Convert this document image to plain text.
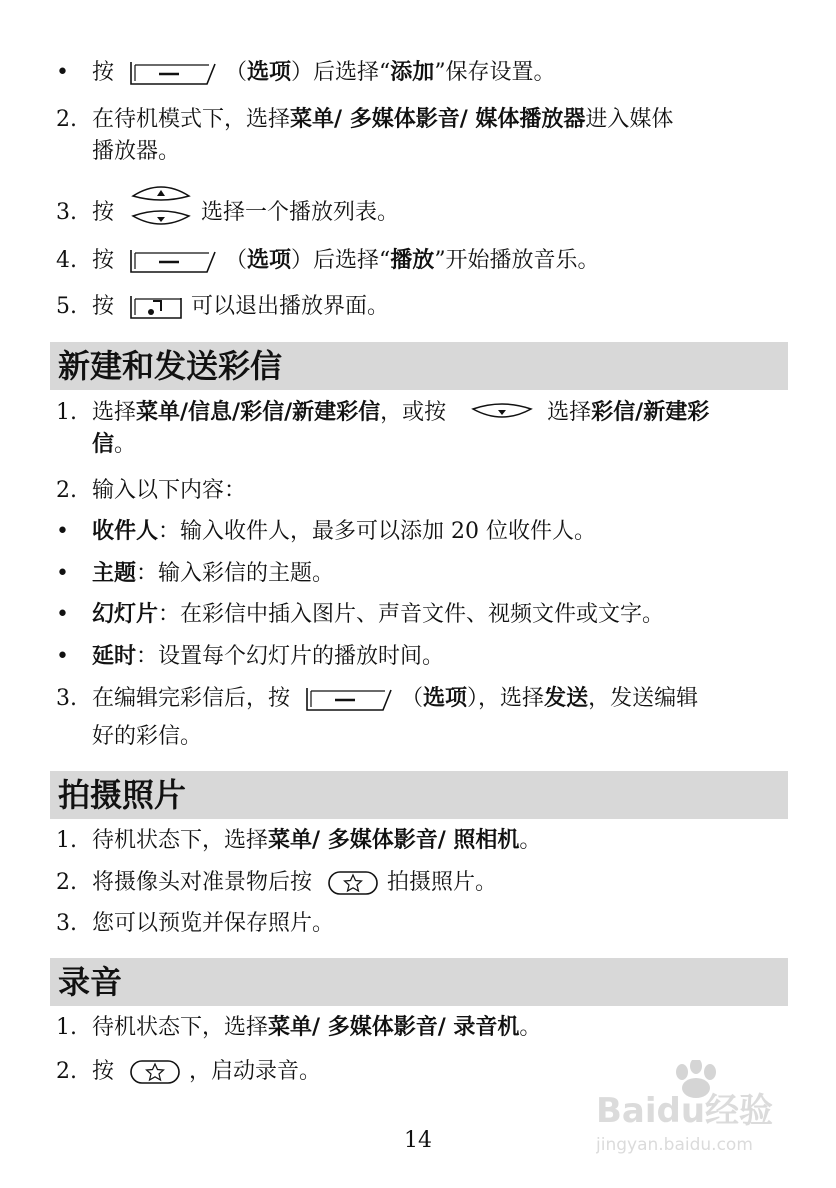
• 按	（选项）后选择“添加”保存设置。
2. 在待机模式下，选择菜单/ 多媒体影音/ 媒体播放器进入媒体
播放器。
3. 按	选择一个播放列表。
4. 按	（选项）后选择“播放”开始播放音乐。
5. 按	可以退出播放界面。
新建和发送彩信
1. 选择菜单/信息/彩信/新建彩信，或按	选择彩信/新建彩
信。
2. 输入以下内容：
• 收件人：输入收件人，最多可以添加 20 位收件人。
• 主题：输入彩信的主题。
• 幻灯片：在彩信中插入图片、声音文件、视频文件或文字。
• 延时：设置每个幻灯片的播放时间。
3. 在编辑完彩信后，按	（选项），选择发送，发送编辑
好的彩信。
拍摄照片
1. 待机状态下，选择菜单/ 多媒体影音/ 照相机。
2. 将摄像头对准景物后按	拍摄照片。
3. 您可以预览并保存照片。
录音
1. 待机状态下，选择菜单/ 多媒体影音/ 录音机。
2. 按	，启动录音。
Baidu经验
jingyan.baidu.com
14
